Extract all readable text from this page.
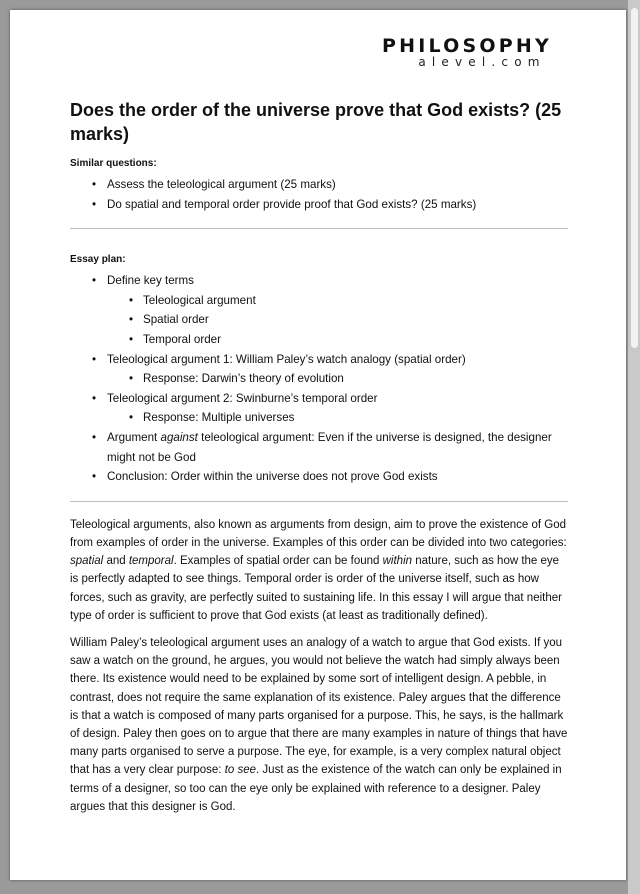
PHILOSOPHY
alevel.com
Does the order of the universe prove that God exists? (25 marks)
Similar questions:
• Assess the teleological argument (25 marks)
• Do spatial and temporal order provide proof that God exists? (25 marks)
Essay plan:
• Define key terms
• Teleological argument
• Spatial order
• Temporal order
• Teleological argument 1: William Paley’s watch analogy (spatial order)
• Response: Darwin’s theory of evolution
• Teleological argument 2: Swinburne’s temporal order
• Response: Multiple universes
• Argument against teleological argument: Even if the universe is designed, the designer might not be God
• Conclusion: Order within the universe does not prove God exists

Teleological arguments, also known as arguments from design, aim to prove the existence of God from examples of order in the universe. Examples of this order can be divided into two categories: spatial and temporal. Examples of spatial order can be found within nature, such as how the eye is perfectly adapted to see things. Temporal order is order of the universe itself, such as how forces, such as gravity, are perfectly suited to sustaining life. In this essay I will argue that neither type of order is sufficient to prove that God exists (at least as traditionally defined).

William Paley’s teleological argument uses an analogy of a watch to argue that God exists. If you saw a watch on the ground, he argues, you would not believe the watch had simply always been there. Its existence would need to be explained by some sort of intelligent design. A pebble, in contrast, does not require the same explanation of its existence. Paley argues that the difference is that a watch is composed of many parts organised for a purpose. This, he says, is the hallmark of design. Paley then goes on to argue that there are many examples in nature of things that have many parts organised to serve a purpose. The eye, for example, is a very complex natural object that has a very clear purpose: to see. Just as the existence of the watch can only be explained in terms of a designer, so too can the eye only be explained with reference to a designer. Paley argues that this designer is God.
